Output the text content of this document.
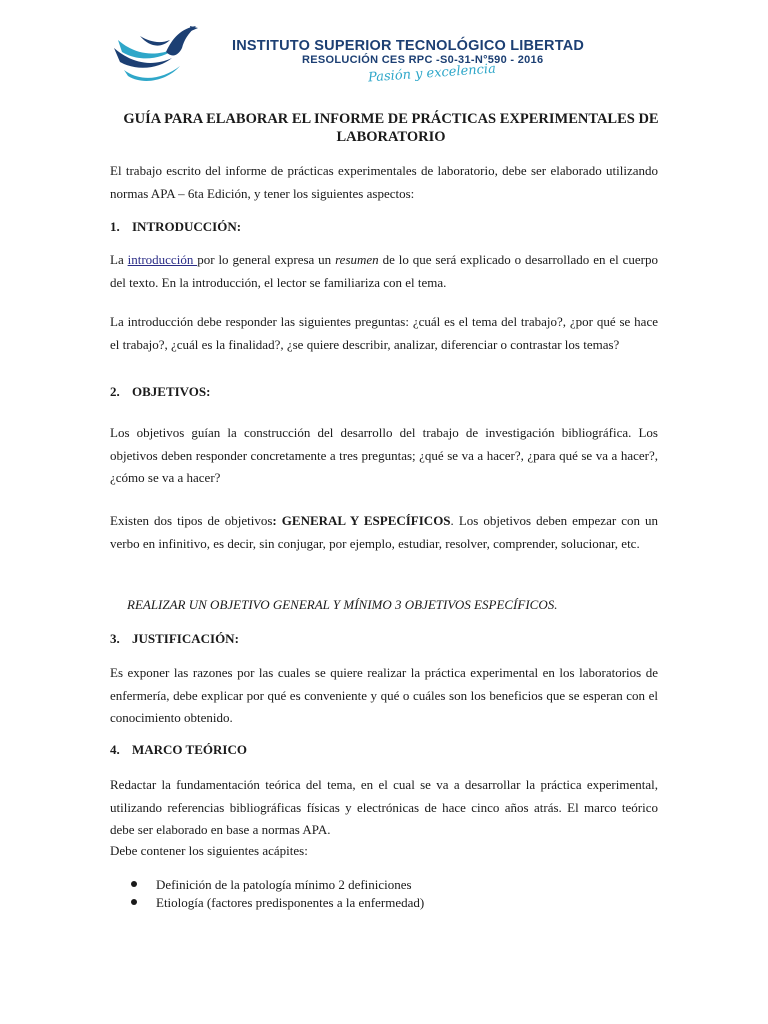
INSTITUTO SUPERIOR TECNOLÓGICO LIBERTAD
RESOLUCIÓN CES RPC -S0-31-N°590 - 2016
Pasión y excelencia
GUÍA PARA ELABORAR EL INFORME DE PRÁCTICAS EXPERIMENTALES DE LABORATORIO

El trabajo escrito del informe de prácticas experimentales de laboratorio, debe ser elaborado utilizando normas APA – 6ta Edición, y tener los siguientes aspectos:

1. INTRODUCCIÓN:

La introducción por lo general expresa un resumen de lo que será explicado o desarrollado en el cuerpo del texto. En la introducción, el lector se familiariza con el tema.

La introducción debe responder las siguientes preguntas: ¿cuál es el tema del trabajo?, ¿por qué se hace el trabajo?, ¿cuál es la finalidad?, ¿se quiere describir, analizar, diferenciar o contrastar los temas?

2. OBJETIVOS:

Los objetivos guían la construcción del desarrollo del trabajo de investigación bibliográfica. Los objetivos deben responder concretamente a tres preguntas; ¿qué se va a hacer?, ¿para qué se va a hacer?, ¿cómo se va a hacer?

Existen dos tipos de objetivos: GENERAL Y ESPECÍFICOS. Los objetivos deben empezar con un verbo en infinitivo, es decir, sin conjugar, por ejemplo, estudiar, resolver, comprender, solucionar, etc.

REALIZAR UN OBJETIVO GENERAL Y MÍNIMO 3 OBJETIVOS ESPECÍFICOS.

3. JUSTIFICACIÓN:

Es exponer las razones por las cuales se quiere realizar la práctica experimental en los laboratorios de enfermería, debe explicar por qué es conveniente y qué o cuáles son los beneficios que se esperan con el conocimiento obtenido.

4. MARCO TEÓRICO

Redactar la fundamentación teórica del tema, en el cual se va a desarrollar la práctica experimental, utilizando referencias bibliográficas físicas y electrónicas de hace cinco años atrás. El marco teórico debe ser elaborado en base a normas APA.

Debe contener los siguientes acápites:

Definición de la patología mínimo 2 definiciones
Etiología (factores predisponentes a la enfermedad)
